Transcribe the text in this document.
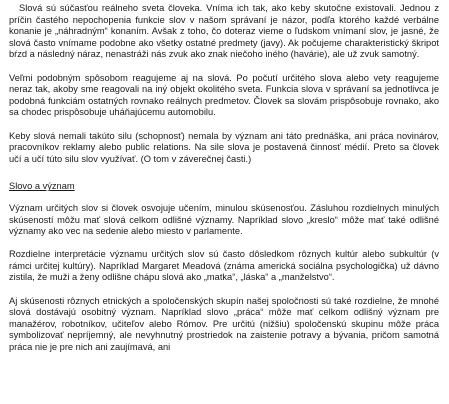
Slová sú súčasťou reálneho sveta človeka. Vnímа ich tak, ako keby skutočne existovali. Jednou z príčin častého nepochopenia funkcie slov v našom správaní je názor, podľa ktorého každé verbálne konanie je „náhradným“ konaním. Avšak z toho, čo doteraz vieme o ľudskom vnímaní slov, je jasné, že slová často vnímame podobne ako všetky ostatné predmety (javy). Ak počujeme charakteristický škripot bŕzd a následný náraz, nenastráži nás zvuk ako znak niečoho iného (havárie), ale už zvuk samotný.

Veľmi podobným spôsobom reagujeme aj na slová. Po počutí určitého slova alebo vety reagujeme neraz tak, akoby sme reagovali na iný objekt okolitého sveta. Funkcia slova v správaní sa jednotlivca je podobná funkciám ostatných rovnako reálnych predmetov. Človek sa slovám prispôsobuje rovnako, ako sa chodec prispôsobuje uháňajúcemu automobilu.

Keby slová nemali takúto silu (schopnosť) nemala by význam ani táto prednáška, ani práca novinárov, pracovníkov reklamy alebo public relations. Na sile slova je postavená činnosť médií. Preto sa človek učí a učí túto silu slov využívať. (O tom v záverečnej časti.)

Slovo a význam

Význam určitých slov si človek osvojuje učením, minulou skúsenosťou. Zásluhou rozdielnych minulých skúseností môžu mať slová celkom odlišné významy. Napríklad slovo „kreslo“ môže mať také odlišné významy ako vec na sedenie alebo miesto v parlamente.

Rozdielne interpretácie významu určitých slov sú často dôsledkom rôznych kultúr alebo subkultúr (v rámci určitej kultúry). Napríklad Margaret Meadová (známa americká sociálna psychologička) už dávno zistila, že muži a ženy odlišne chápu slová ako „matka“, „láska“ a „manželstvo“.

Aj skúsenosti rôznych etnických a spoločenských skupín našej spoločnosti sú také rozdielne, že mnohé slová dostávajú osobitný význam. Napríklad slovo „práca“ môže mať celkom odlišný význam pre manažérov, robotníkov, učiteľov alebo Rómov. Pre určitú (nižšiu) spoločenskú skupinu môže práca symbolizovať nepríjemný, ale nevyhnutný prostriedok na zaistenie potravy a bývania, pričom samotná práca nie je pre nich ani zaujímavá, ani
